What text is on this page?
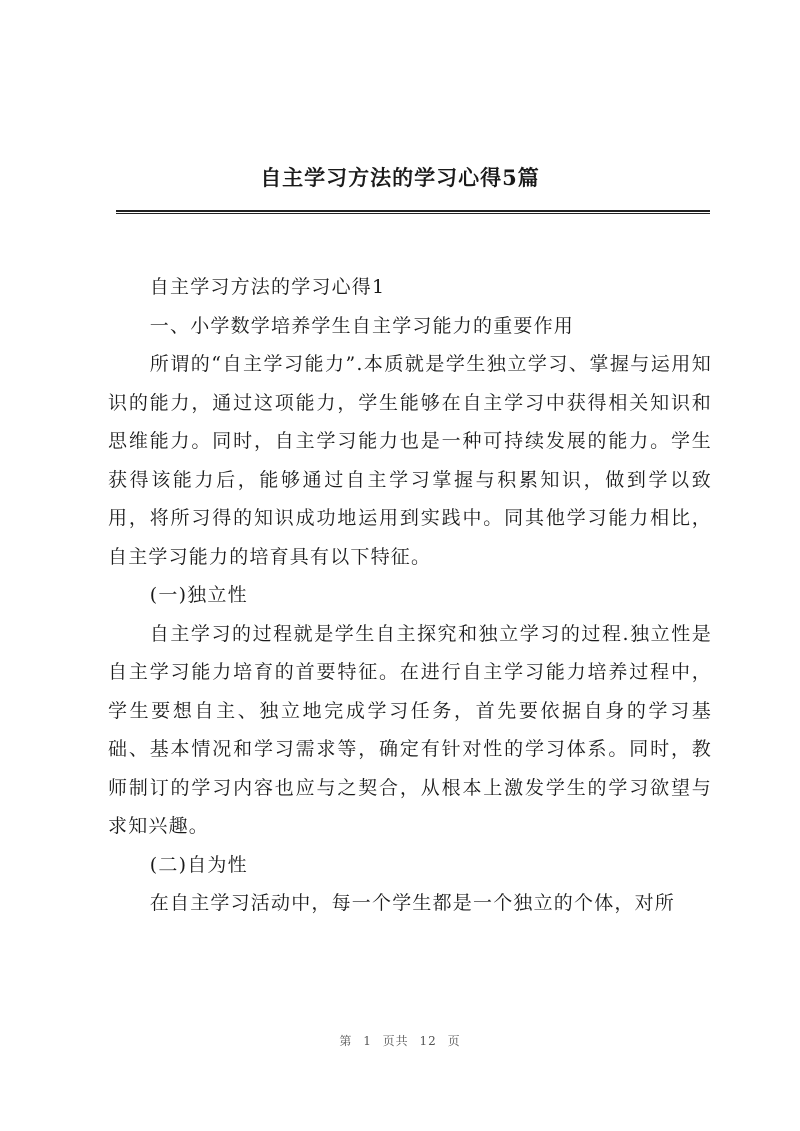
自主学习方法的学习心得5篇

自主学习方法的学习心得1

一、小学数学培养学生自主学习能力的重要作用

所谓的“自主学习能力”.本质就是学生独立学习、掌握与运用知识的能力，通过这项能力，学生能够在自主学习中获得相关知识和思维能力。同时，自主学习能力也是一种可持续发展的能力。学生获得该能力后，能够通过自主学习掌握与积累知识，做到学以致用，将所习得的知识成功地运用到实践中。同其他学习能力相比，自主学习能力的培育具有以下特征。

(一)独立性

自主学习的过程就是学生自主探究和独立学习的过程.独立性是自主学习能力培育的首要特征。在进行自主学习能力培养过程中，学生要想自主、独立地完成学习任务，首先要依据自身的学习基础、基本情况和学习需求等，确定有针对性的学习体系。同时，教师制订的学习内容也应与之契合，从根本上激发学生的学习欲望与求知兴趣。

(二)自为性

在自主学习活动中，每一个学生都是一个独立的个体，对所

第 1 页共 12 页
